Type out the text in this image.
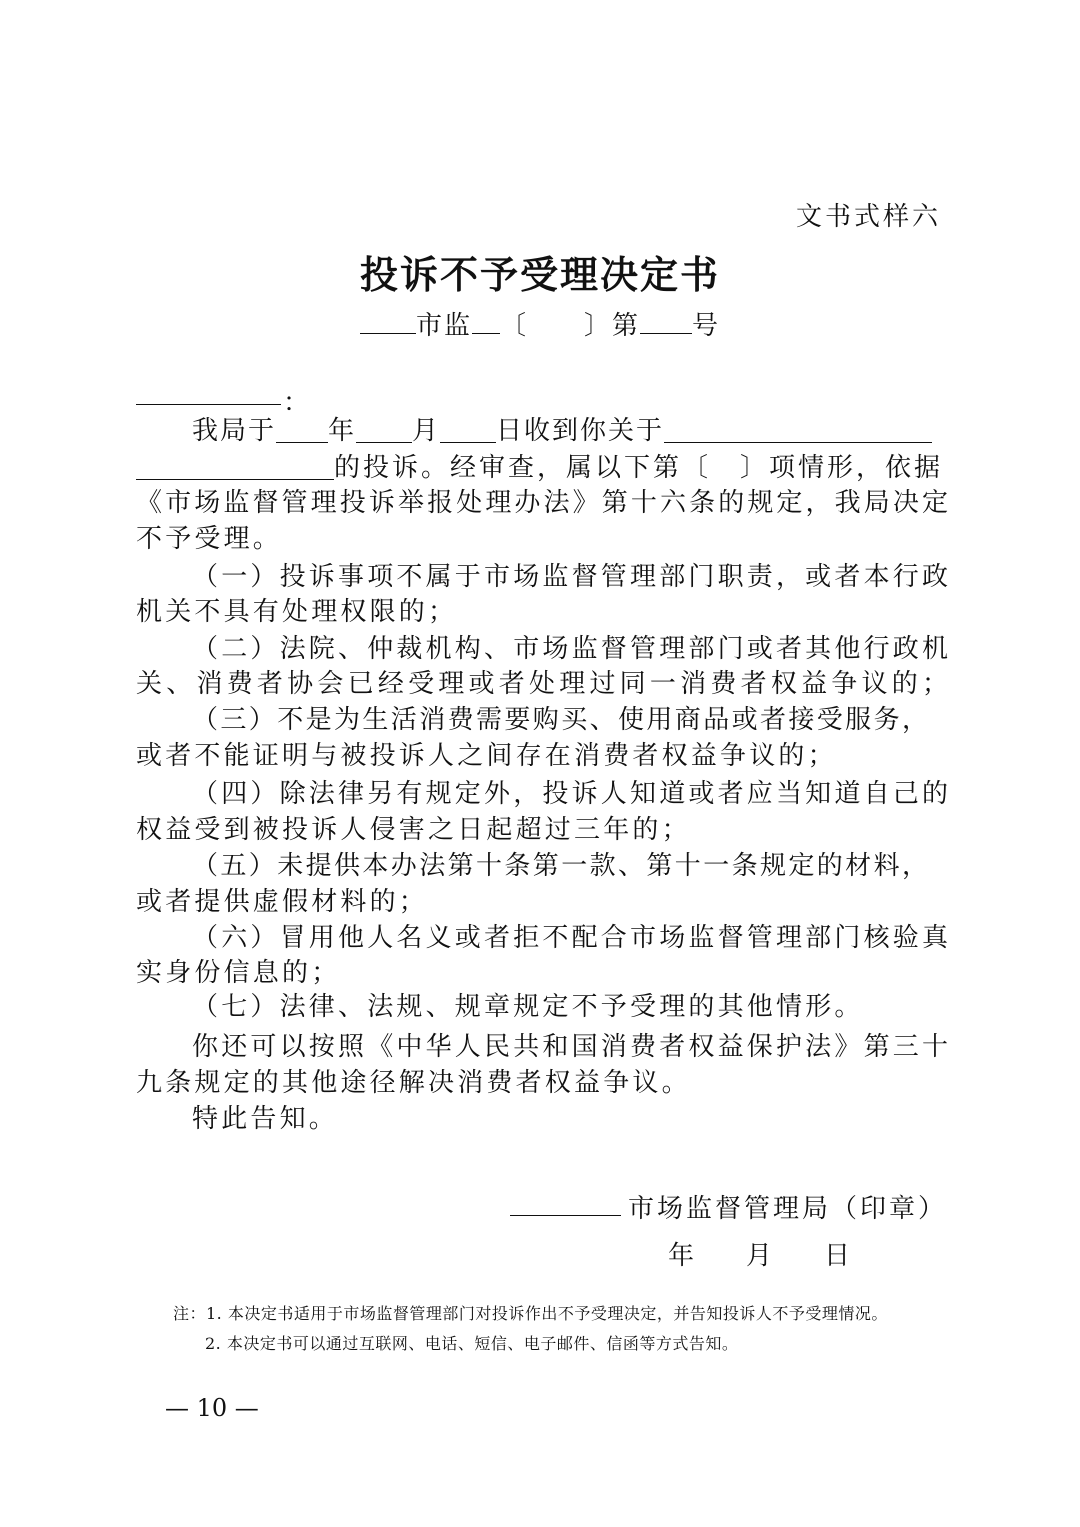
文书式样六
投诉不予受理决定书
市监 〔 〕第 号
：
我局于 年 月 日收到你关于
的投诉。经审查，属以下第〔　〕项情形，依据
《市场监督管理投诉举报处理办法》第十六条的规定，我局决定
不予受理。
（一）投诉事项不属于市场监督管理部门职责，或者本行政
机关不具有处理权限的；
（二）法院、仲裁机构、市场监督管理部门或者其他行政机
关、消费者协会已经受理或者处理过同一消费者权益争议的；
（三）不是为生活消费需要购买、使用商品或者接受服务，
或者不能证明与被投诉人之间存在消费者权益争议的；
（四）除法律另有规定外，投诉人知道或者应当知道自己的
权益受到被投诉人侵害之日起超过三年的；
（五）未提供本办法第十条第一款、第十一条规定的材料，
或者提供虚假材料的；
（六）冒用他人名义或者拒不配合市场监督管理部门核验真
实身份信息的；
（七）法律、法规、规章规定不予受理的其他情形。
你还可以按照《中华人民共和国消费者权益保护法》第三十
九条规定的其他途径解决消费者权益争议。
特此告知。
市场监督管理局（印章）
年 月 日
注：1. 本决定书适用于市场监督管理部门对投诉作出不予受理决定，并告知投诉人不予受理情况。
2. 本决定书可以通过互联网、电话、短信、电子邮件、信函等方式告知。
— 10 —
